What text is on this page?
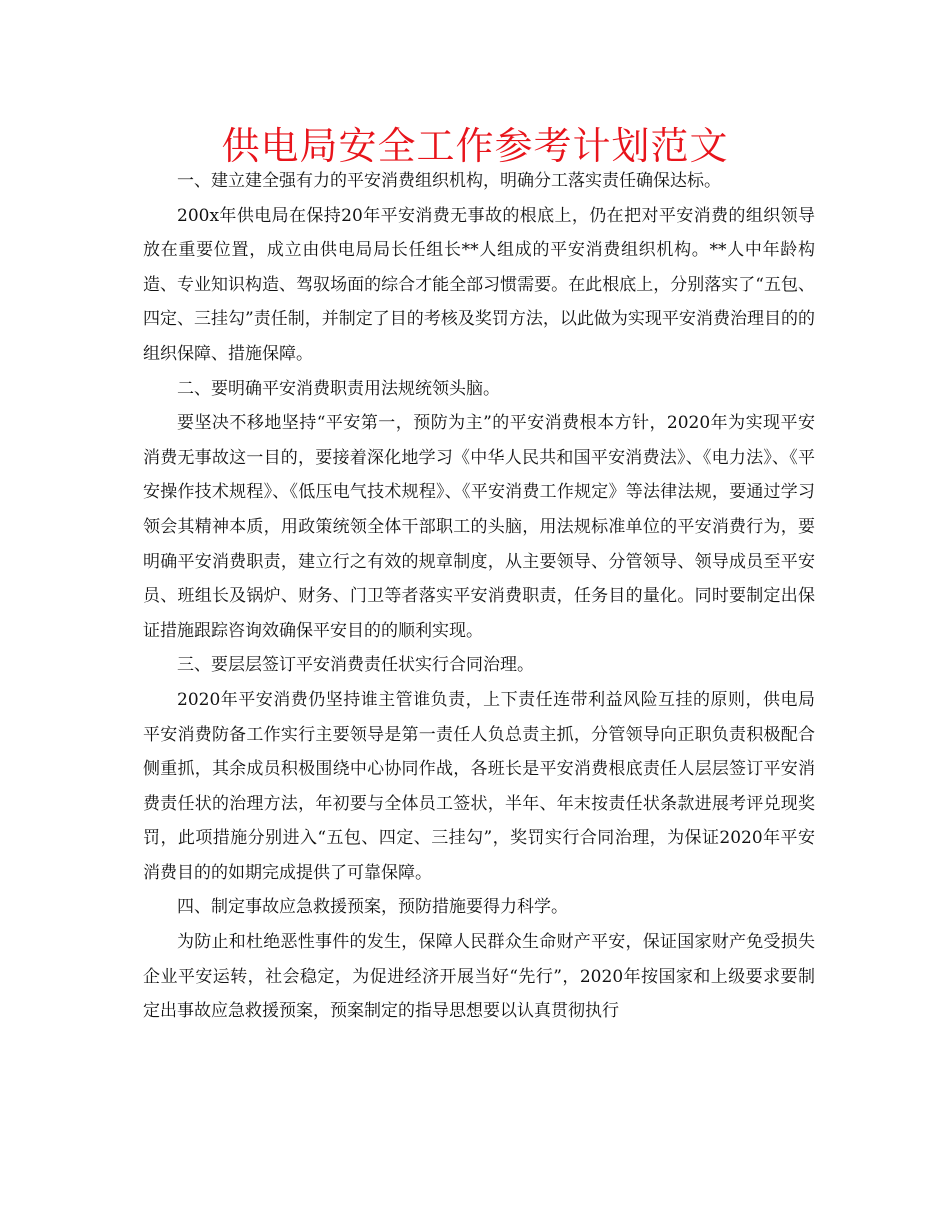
供电局安全工作参考计划范文

一、建立建全强有力的平安消费组织机构，明确分工落实责任确保达标。

200x年供电局在保持20年平安消费无事故的根底上，仍在把对平安消费的组织领导放在重要位置，成立由供电局局长任组长**人组成的平安消费组织机构。**人中年龄构造、专业知识构造、驾驭场面的综合才能全部习惯需要。在此根底上，分别落实了“五包、四定、三挂勾”责任制，并制定了目的考核及奖罚方法，以此做为实现平安消费治理目的的组织保障、措施保障。

二、要明确平安消费职责用法规统领头脑。

要坚决不移地坚持“平安第一，预防为主”的平安消费根本方针，2020年为实现平安消费无事故这一目的，要接着深化地学习《中华人民共和国平安消费法》、《电力法》、《平安操作技术规程》、《低压电气技术规程》、《平安消费工作规定》等法律法规，要通过学习领会其精神本质，用政策统领全体干部职工的头脑，用法规标准单位的平安消费行为，要明确平安消费职责，建立行之有效的规章制度，从主要领导、分管领导、领导成员至平安员、班组长及锅炉、财务、门卫等者落实平安消费职责，任务目的量化。同时要制定出保证措施跟踪咨询效确保平安目的的顺利实现。

三、要层层签订平安消费责任状实行合同治理。

2020年平安消费仍坚持谁主管谁负责，上下责任连带利益风险互挂的原则，供电局平安消费防备工作实行主要领导是第一责任人负总责主抓，分管领导向正职负责积极配合侧重抓，其余成员积极围绕中心协同作战，各班长是平安消费根底责任人层层签订平安消费责任状的治理方法，年初要与全体员工签状，半年、年末按责任状条款进展考评兑现奖罚，此项措施分别进入“五包、四定、三挂勾”，奖罚实行合同治理，为保证2020年平安消费目的的如期完成提供了可靠保障。

四、制定事故应急救援预案，预防措施要得力科学。

为防止和杜绝恶性事件的发生，保障人民群众生命财产平安，保证国家财产免受损失企业平安运转，社会稳定，为促进经济开展当好“先行”，2020年按国家和上级要求要制定出事故应急救援预案，预案制定的指导思想要以认真贯彻执行
